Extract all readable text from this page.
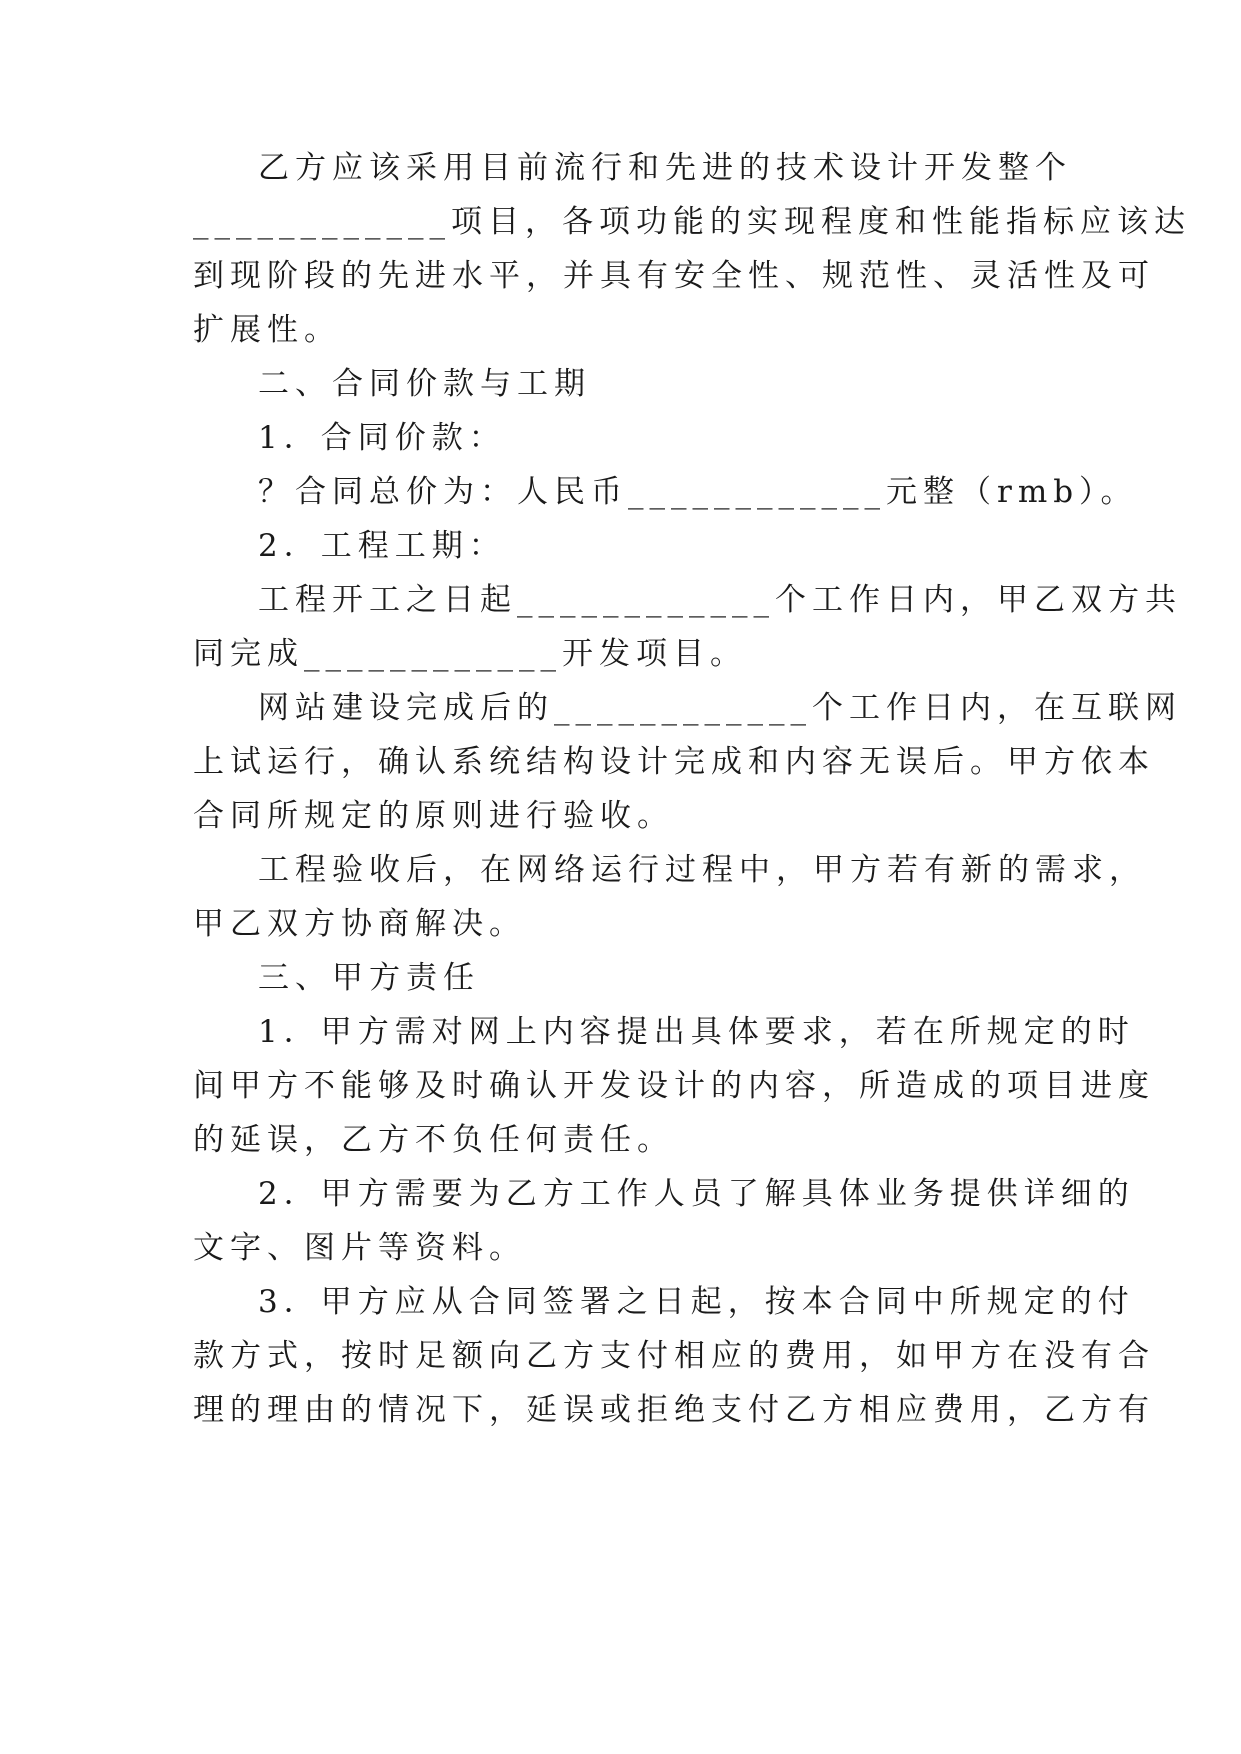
乙方应该采用目前流行和先进的技术设计开发整个
____________项目，各项功能的实现程度和性能指标应该达
到现阶段的先进水平，并具有安全性、规范性、灵活性及可
扩展性。
二、合同价款与工期
1．合同价款：
？合同总价为：人民币____________元整（rmb）。
2．工程工期：
工程开工之日起____________个工作日内，甲乙双方共
同完成____________开发项目。
网站建设完成后的____________个工作日内，在互联网
上试运行，确认系统结构设计完成和内容无误后。甲方依本
合同所规定的原则进行验收。
工程验收后，在网络运行过程中，甲方若有新的需求，
甲乙双方协商解决。
三、甲方责任
1．甲方需对网上内容提出具体要求，若在所规定的时
间甲方不能够及时确认开发设计的内容，所造成的项目进度
的延误，乙方不负任何责任。
2．甲方需要为乙方工作人员了解具体业务提供详细的
文字、图片等资料。
3．甲方应从合同签署之日起，按本合同中所规定的付
款方式，按时足额向乙方支付相应的费用，如甲方在没有合
理的理由的情况下，延误或拒绝支付乙方相应费用，乙方有
